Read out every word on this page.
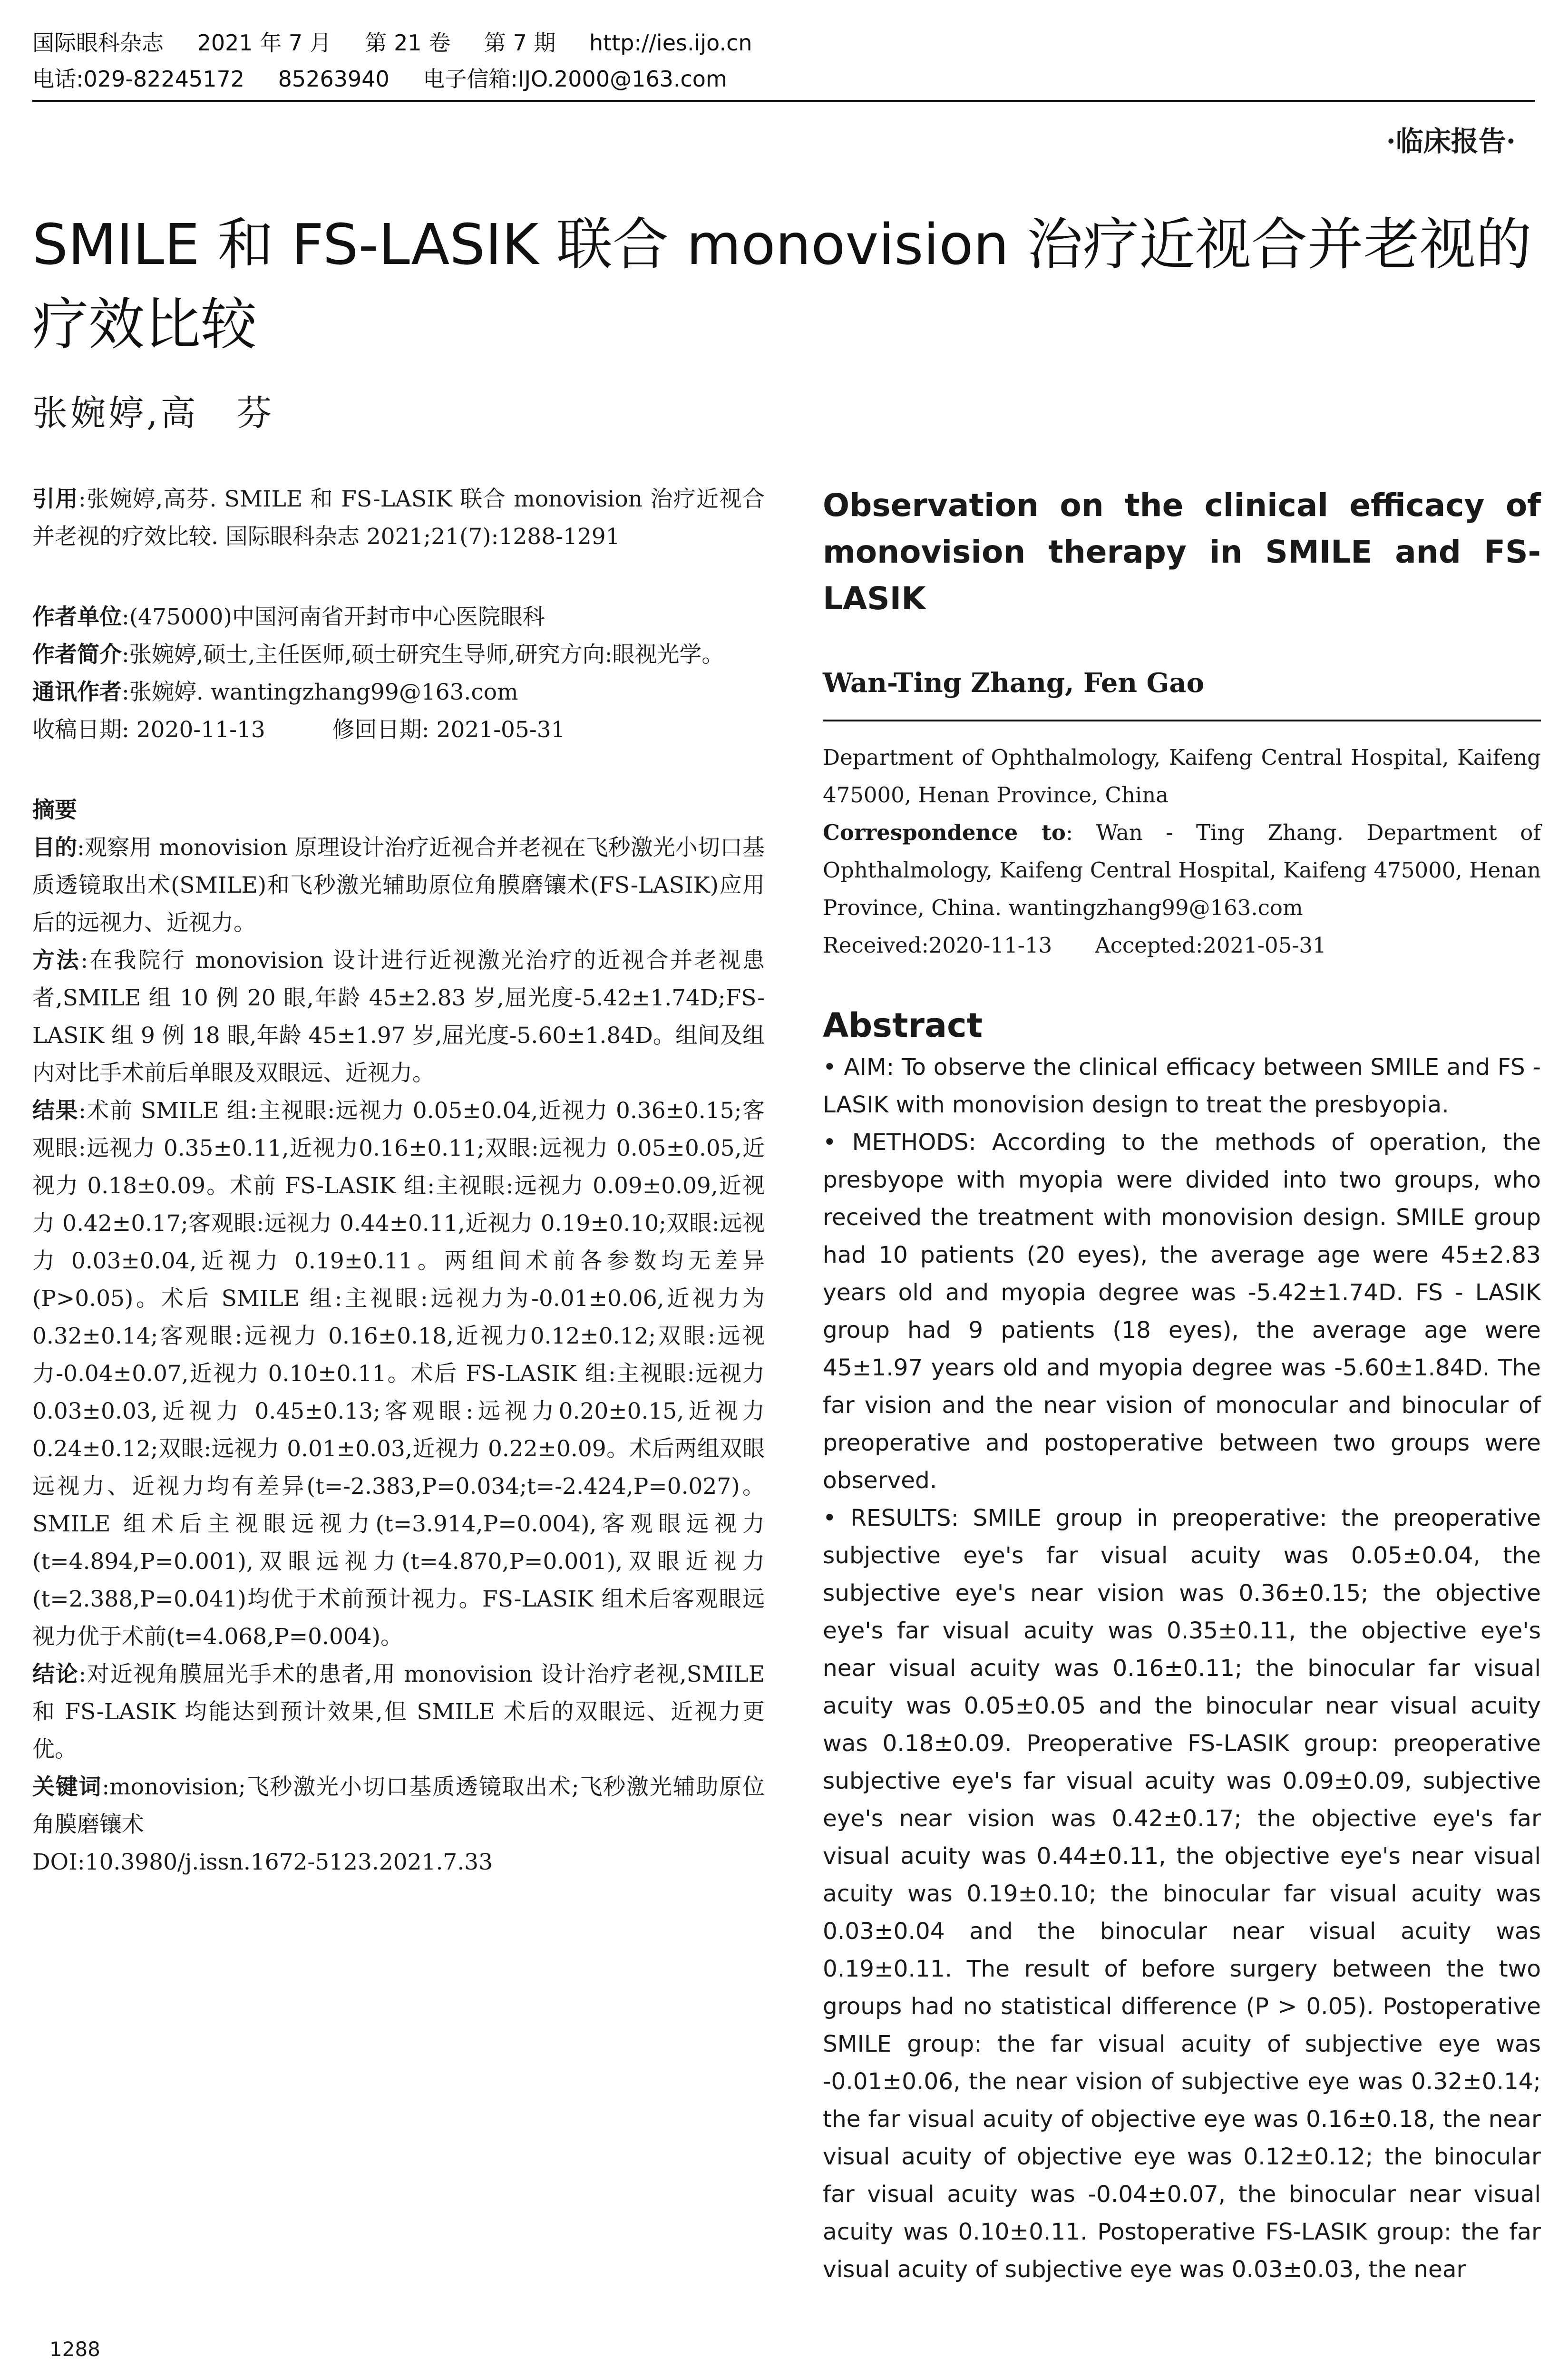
国际眼科杂志 2021 年 7 月 第 21 卷 第 7 期 http://ies.ijo.cn
电话:029-82245172 85263940 电子信箱:IJO.2000@163.com
·临床报告·
SMILE 和 FS-LASIK 联合 monovision 治疗近视合并老视的疗效比较
张婉婷,高　芬

引用:张婉婷,高芬. SMILE 和 FS-LASIK 联合 monovision 治疗近视合并老视的疗效比较. 国际眼科杂志 2021;21(7):1288-1291

作者单位:(475000)中国河南省开封市中心医院眼科

作者简介:张婉婷,硕士,主任医师,硕士研究生导师,研究方向:眼视光学。

通讯作者:张婉婷. wantingzhang99@163.com

收稿日期: 2020-11-13　　　	修回日期: 2021-05-31

摘要

目的:观察用 monovision 原理设计治疗近视合并老视在飞秒激光小切口基质透镜取出术(SMILE)和飞秒激光辅助原位角膜磨镶术(FS-LASIK)应用后的远视力、近视力。

方法:在我院行 monovision 设计进行近视激光治疗的近视合并老视患者,SMILE 组 10 例 20 眼,年龄 45±2.83 岁,屈光度-5.42±1.74D;FS-LASIK 组 9 例 18 眼,年龄 45±1.97 岁,屈光度-5.60±1.84D。组间及组内对比手术前后单眼及双眼远、近视力。

结果:术前 SMILE 组:主视眼:远视力 0.05±0.04,近视力 0.36±0.15;客观眼:远视力 0.35±0.11,近视力0.16±0.11;双眼:远视力 0.05±0.05,近视力 0.18±0.09。术前 FS-LASIK 组:主视眼:远视力 0.09±0.09,近视力 0.42±0.17;客观眼:远视力 0.44±0.11,近视力 0.19±0.10;双眼:远视力 0.03±0.04,近视力 0.19±0.11。两组间术前各参数均无差异(P>0.05)。术后 SMILE 组:主视眼:远视力为-0.01±0.06,近视力为 0.32±0.14;客观眼:远视力 0.16±0.18,近视力0.12±0.12;双眼:远视力-0.04±0.07,近视力 0.10±0.11。术后 FS-LASIK 组:主视眼:远视力 0.03±0.03,近视力 0.45±0.13;客观眼:远视力0.20±0.15,近视力 0.24±0.12;双眼:远视力 0.01±0.03,近视力 0.22±0.09。术后两组双眼远视力、近视力均有差异(t=-2.383,P=0.034;t=-2.424,P=0.027)。SMILE 组术后主视眼远视力(t=3.914,P=0.004),客观眼远视力(t=4.894,P=0.001),双眼远视力(t=4.870,P=0.001),双眼近视力(t=2.388,P=0.041)均优于术前预计视力。FS-LASIK 组术后客观眼远视力优于术前(t=4.068,P=0.004)。

结论:对近视角膜屈光手术的患者,用 monovision 设计治疗老视,SMILE 和 FS-LASIK 均能达到预计效果,但 SMILE 术后的双眼远、近视力更优。

关键词:monovision;飞秒激光小切口基质透镜取出术;飞秒激光辅助原位角膜磨镶术

DOI:10.3980/j.issn.1672-5123.2021.7.33

Observation on the clinical efficacy of monovision therapy in SMILE and FS-LASIK
Wan-Ting Zhang, Fen Gao

Department of Ophthalmology, Kaifeng Central Hospital, Kaifeng 475000, Henan Province, China

Correspondence to: Wan - Ting Zhang. Department of Ophthalmology, Kaifeng Central Hospital, Kaifeng 475000, Henan Province, China. wantingzhang99@163.com

Received:2020-11-13　　Accepted:2021-05-31

Abstract

• AIM: To observe the clinical efficacy between SMILE and FS - LASIK with monovision design to treat the presbyopia.

• METHODS: According to the methods of operation, the presbyope with myopia were divided into two groups, who received the treatment with monovision design. SMILE group had 10 patients (20 eyes), the average age were 45±2.83 years old and myopia degree was -5.42±1.74D. FS - LASIK group had 9 patients (18 eyes), the average age were 45±1.97 years old and myopia degree was -5.60±1.84D. The far vision and the near vision of monocular and binocular of preoperative and postoperative between two groups were observed.

• RESULTS: SMILE group in preoperative: the preoperative subjective eye's far visual acuity was 0.05±0.04, the subjective eye's near vision was 0.36±0.15; the objective eye's far visual acuity was 0.35±0.11, the objective eye's near visual acuity was 0.16±0.11; the binocular far visual acuity was 0.05±0.05 and the binocular near visual acuity was 0.18±0.09. Preoperative FS-LASIK group: preoperative subjective eye's far visual acuity was 0.09±0.09, subjective eye's near vision was 0.42±0.17; the objective eye's far visual acuity was 0.44±0.11, the objective eye's near visual acuity was 0.19±0.10; the binocular far visual acuity was 0.03±0.04 and the binocular near visual acuity was 0.19±0.11. The result of before surgery between the two groups had no statistical difference (P > 0.05). Postoperative SMILE group: the far visual acuity of subjective eye was -0.01±0.06, the near vision of subjective eye was 0.32±0.14; the far visual acuity of objective eye was 0.16±0.18, the near visual acuity of objective eye was 0.12±0.12; the binocular far visual acuity was -0.04±0.07, the binocular near visual acuity was 0.10±0.11. Postoperative FS-LASIK group: the far visual acuity of subjective eye was 0.03±0.03, the near

1288
